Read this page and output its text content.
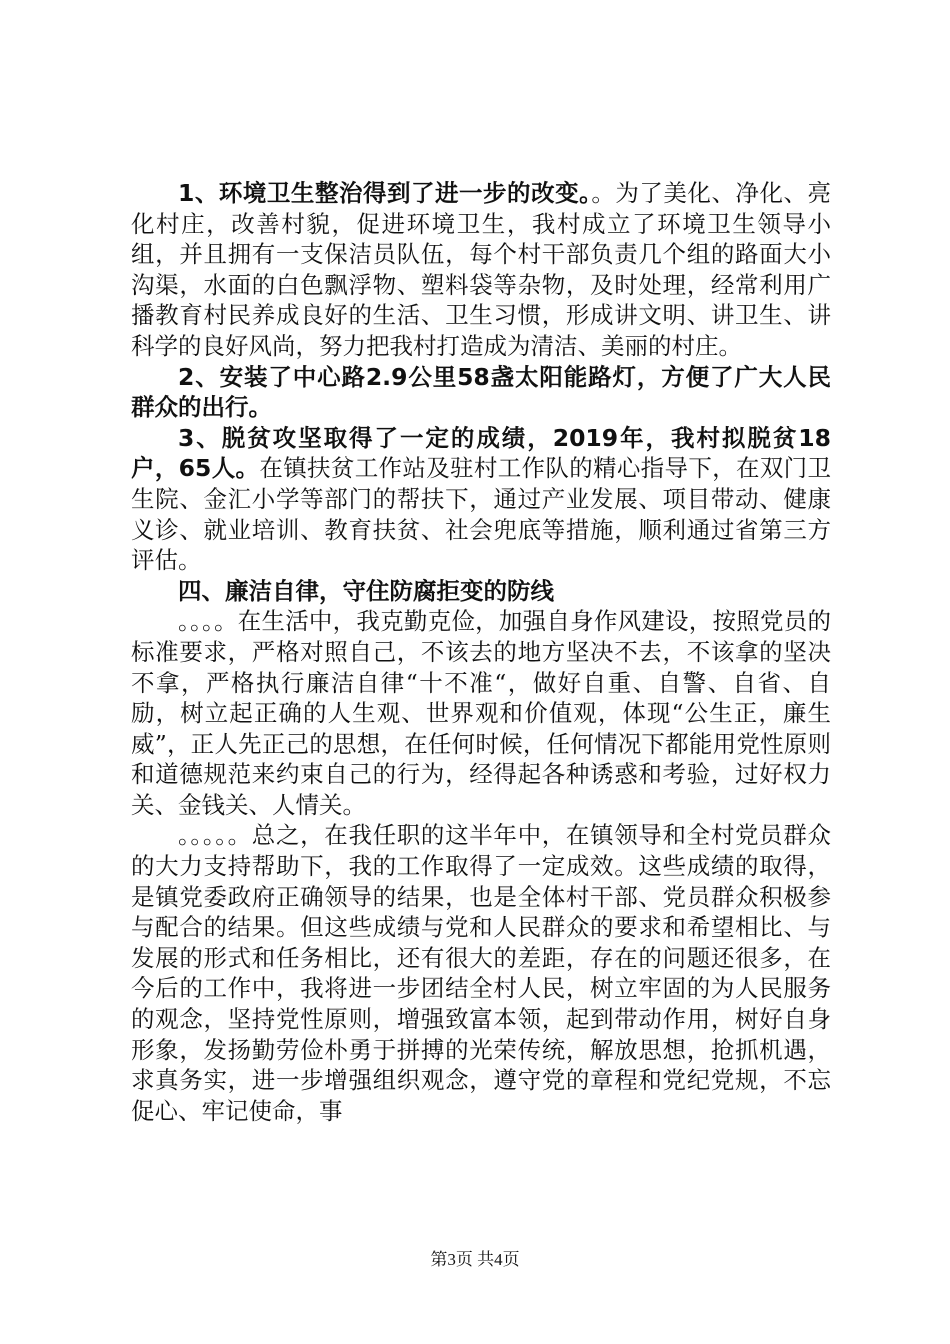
1、环境卫生整治得到了进一步的改变。。为了美化、净化、亮化村庄，改善村貌，促进环境卫生，我村成立了环境卫生领导小组，并且拥有一支保洁员队伍，每个村干部负责几个组的路面大小沟渠，水面的白色飘浮物、塑料袋等杂物，及时处理，经常利用广播教育村民养成良好的生活、卫生习惯，形成讲文明、讲卫生、讲科学的良好风尚，努力把我村打造成为清洁、美丽的村庄。

2、安装了中心路2.9公里58盏太阳能路灯，方便了广大人民群众的出行。

3、脱贫攻坚取得了一定的成绩，2019年，我村拟脱贫18户，65人。在镇扶贫工作站及驻村工作队的精心指导下，在双门卫生院、金汇小学等部门的帮扶下，通过产业发展、项目带动、健康义诊、就业培训、教育扶贫、社会兜底等措施，顺利通过省第三方评估。

四、廉洁自律，守住防腐拒变的防线

。。。。在生活中，我克勤克俭，加强自身作风建设，按照党员的标准要求，严格对照自己，不该去的地方坚决不去，不该拿的坚决不拿，严格执行廉洁自律“十不准“，做好自重、自警、自省、自励，树立起正确的人生观、世界观和价值观，体现“公生正，廉生威”，正人先正己的思想，在任何时候，任何情况下都能用党性原则和道德规范来约束自己的行为，经得起各种诱惑和考验，过好权力关、金钱关、人情关。

。。。。。总之，在我任职的这半年中，在镇领导和全村党员群众的大力支持帮助下，我的工作取得了一定成效。这些成绩的取得，是镇党委政府正确领导的结果，也是全体村干部、党员群众积极参与配合的结果。但这些成绩与党和人民群众的要求和希望相比、与发展的形式和任务相比，还有很大的差距，存在的问题还很多，在今后的工作中，我将进一步团结全村人民，树立牢固的为人民服务的观念，坚持党性原则，增强致富本领，起到带动作用，树好自身形象，发扬勤劳俭朴勇于拼搏的光荣传统，解放思想，抢抓机遇，求真务实，进一步增强组织观念，遵守党的章程和党纪党规，不忘促心、牢记使命，事

第3页 共4页
